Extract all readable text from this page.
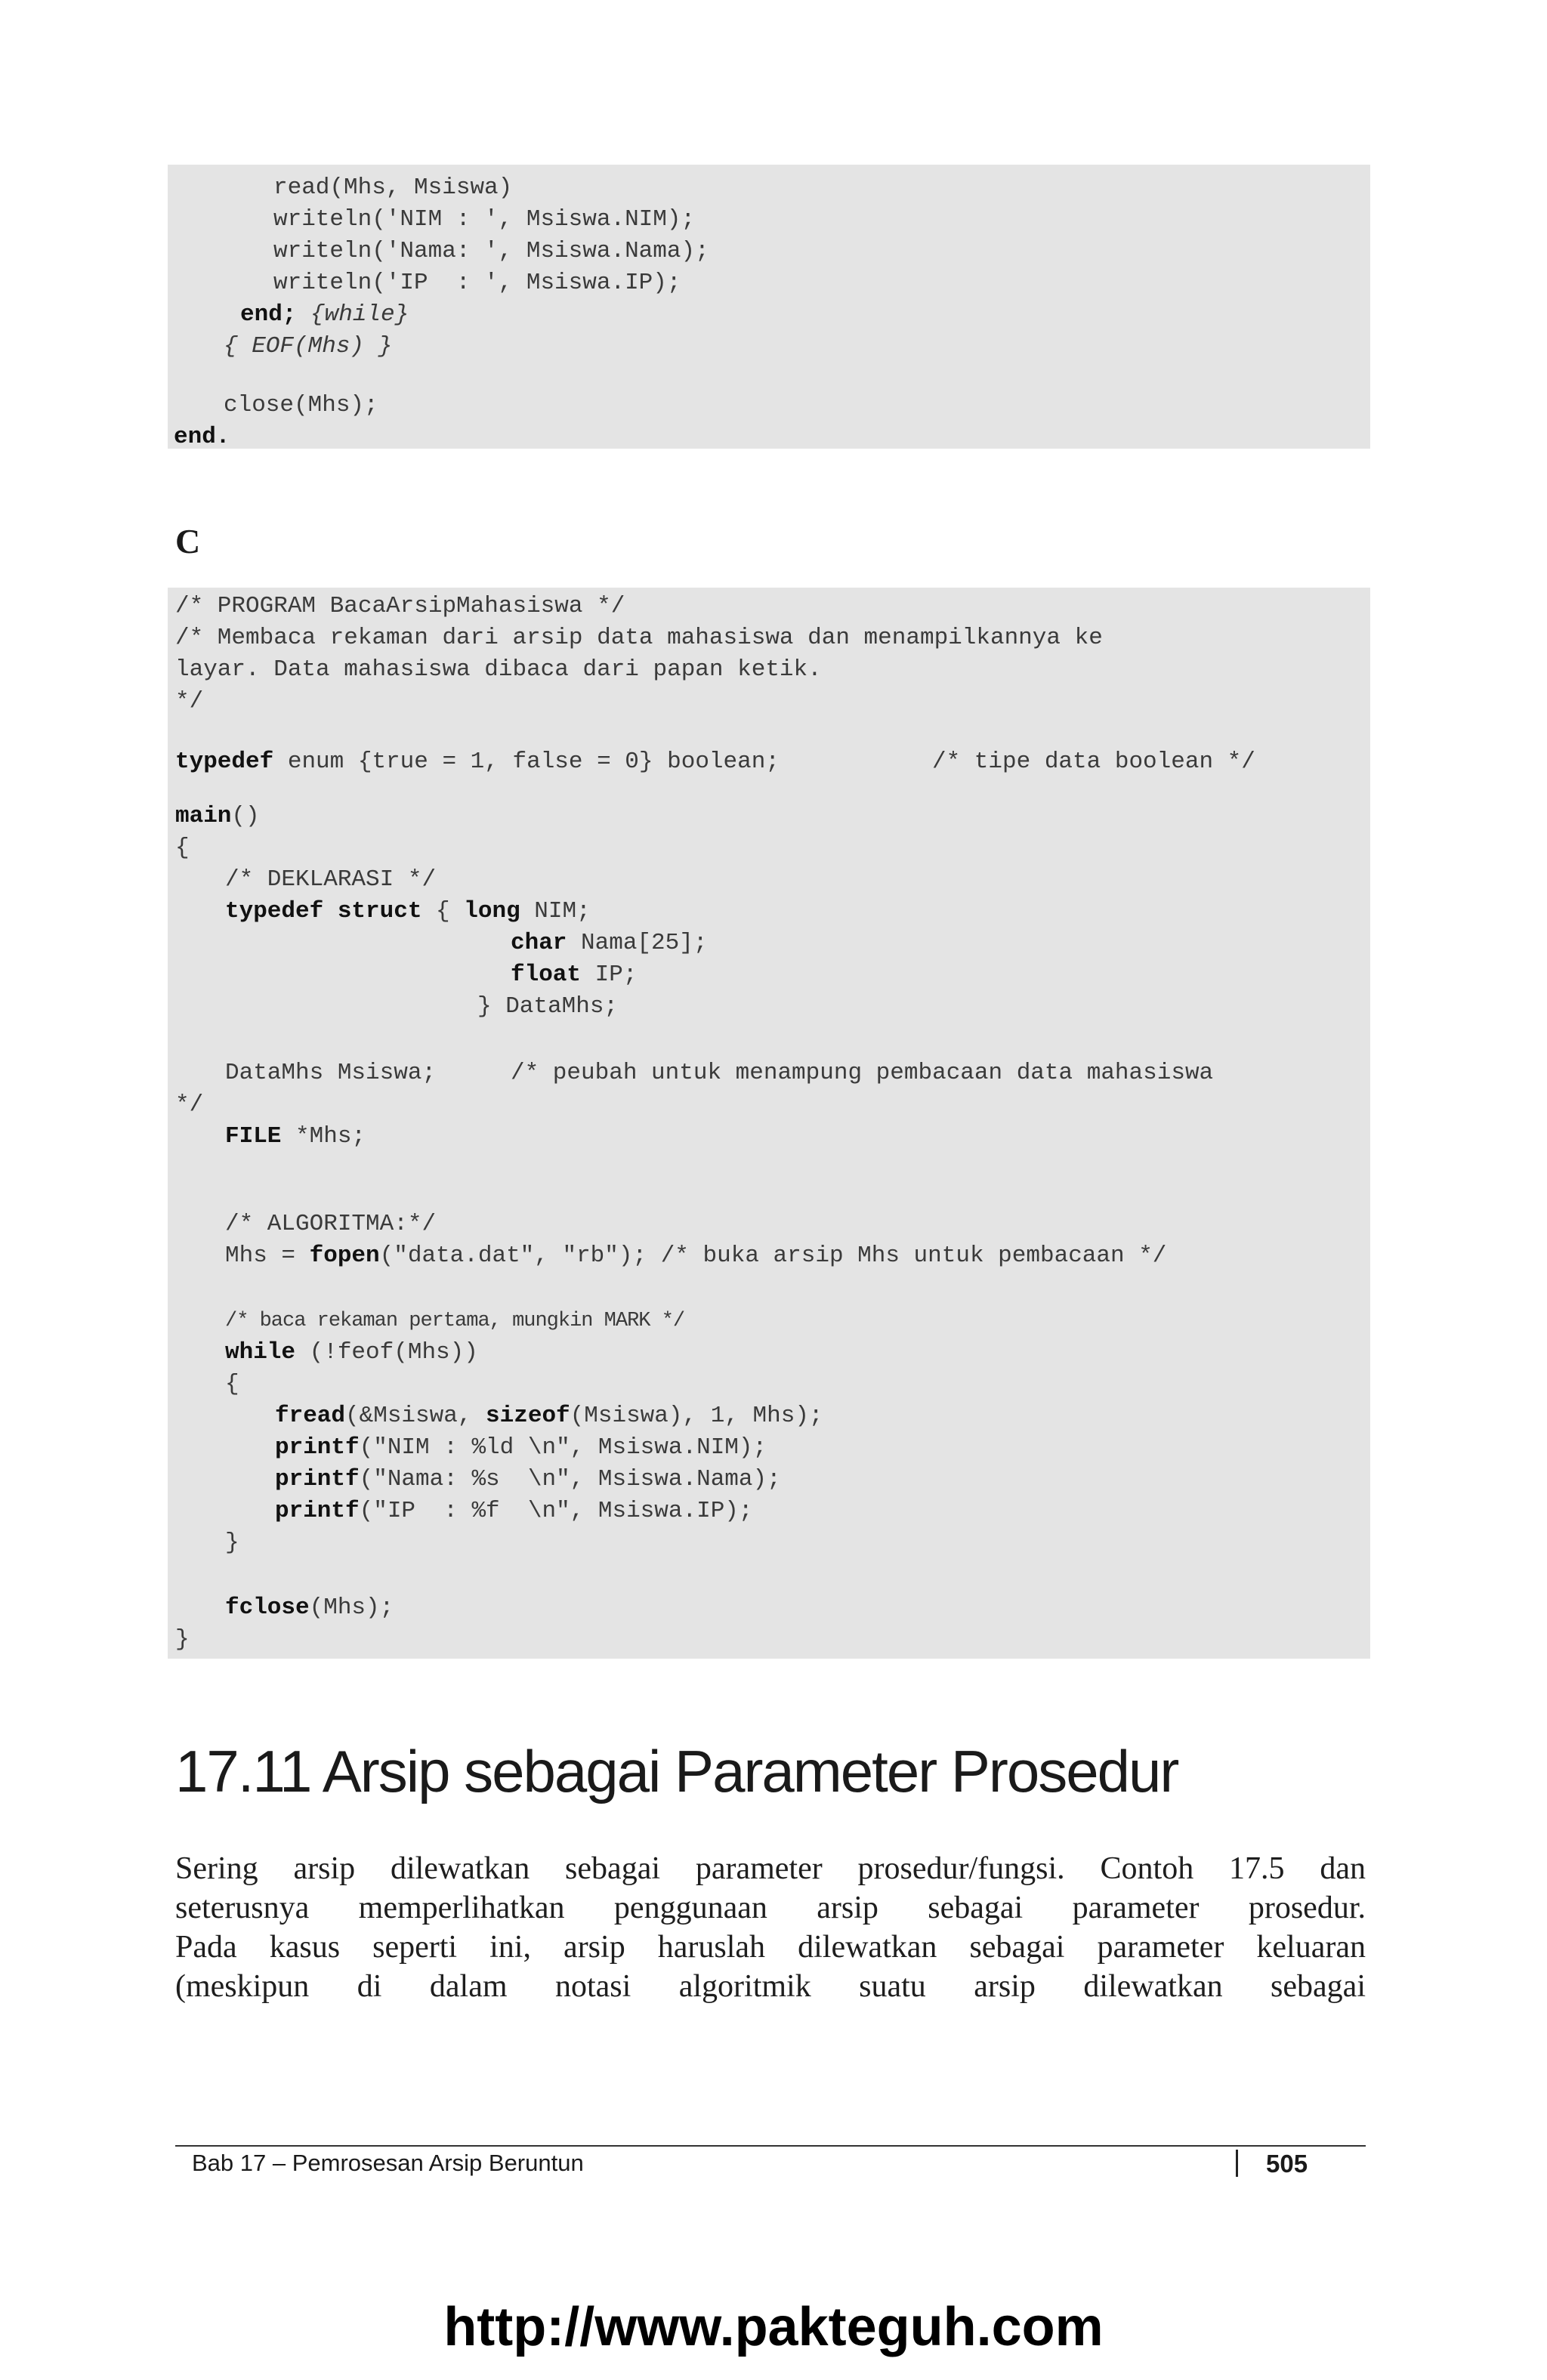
read(Mhs, Msiswa)
writeln('NIM : ', Msiswa.NIM);
writeln('Nama: ', Msiswa.Nama);
writeln('IP  : ', Msiswa.IP);
end; {while}
{ EOF(Mhs) }
close(Mhs);
end.
C
/* PROGRAM BacaArsipMahasiswa */
/* Membaca rekaman dari arsip data mahasiswa dan menampilkannya ke
layar. Data mahasiswa dibaca dari papan ketik.
*/
typedef enum {true = 1, false = 0} boolean;	/* tipe data boolean */
main()
{
/* DEKLARASI */
typedef struct { long NIM;
char Nama[25];
float IP;
} DataMhs;
DataMhs Msiswa;	/* peubah untuk menampung pembacaan data mahasiswa
*/
FILE *Mhs;
/* ALGORITMA:*/
Mhs = fopen("data.dat", "rb"); /* buka arsip Mhs untuk pembacaan */
/* baca rekaman pertama, mungkin MARK */
while (!feof(Mhs))
{
fread(&Msiswa, sizeof(Msiswa), 1, Mhs);
printf("NIM : %ld \n", Msiswa.NIM);
printf("Nama: %s  \n", Msiswa.Nama);
printf("IP  : %f  \n", Msiswa.IP);
}
fclose(Mhs);
}
17.11 Arsip sebagai Parameter Prosedur
Sering arsip dilewatkan sebagai parameter prosedur/fungsi. Contoh 17.5 dan
seterusnya memperlihatkan penggunaan arsip sebagai parameter prosedur.
Pada kasus seperti ini, arsip haruslah dilewatkan sebagai parameter keluaran
(meskipun di dalam notasi algoritmik suatu arsip dilewatkan sebagai
Bab 17 – Pemrosesan Arsip Beruntun	505
http://www.pakteguh.com
